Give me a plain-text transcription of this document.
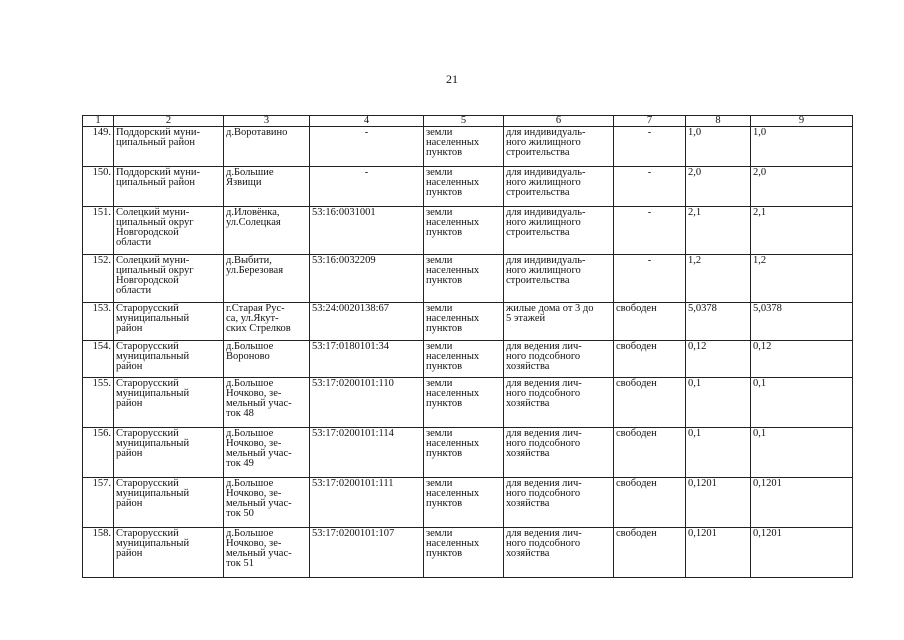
21
1	2	3	4	5	6	7	8	9

149.	Поддорский муни-
ципальный район	д.Воротавино	-	земли
населенных
пунктов	для индивидуаль-
ного жилищного
строительства	-	1,0	1,0

150.	Поддорский муни-
ципальный район	д.Большие
Язвищи	-	земли
населенных
пунктов	для индивидуаль-
ного жилищного
строительства	-	2,0	2,0

151.	Солецкий муни-
ципальный округ
Новгородской
области	д.Иловёнка,
ул.Солецкая	53:16:0031001	земли
населенных
пунктов	для индивидуаль-
ного жилищного
строительства	-	2,1	2,1

152.	Солецкий муни-
ципальный округ
Новгородской
области	д.Выбити,
ул.Березовая	53:16:0032209	земли
населенных
пунктов	для индивидуаль-
ного жилищного
строительства	-	1,2	1,2

153.	Старорусский
муниципальный
район	г.Старая Рус-
са, ул.Якут-
ских Стрелков	53:24:0020138:67	земли
населенных
пунктов	жилые дома от 3 до
5 этажей	свободен	5,0378	5,0378

154.	Старорусский
муниципальный
район	д.Большое
Вороново	53:17:0180101:34	земли
населенных
пунктов	для ведения лич-
ного подсобного
хозяйства	свободен	0,12	0,12

155.	Старорусский
муниципальный
район	д.Большое
Ночково, зе-
мельный учас-
ток 48	53:17:0200101:110	земли
населенных
пунктов	для ведения лич-
ного подсобного
хозяйства	свободен	0,1	0,1

156.	Старорусский
муниципальный
район	д.Большое
Ночково, зе-
мельный учас-
ток 49	53:17:0200101:114	земли
населенных
пунктов	для ведения лич-
ного подсобного
хозяйства	свободен	0,1	0,1

157.	Старорусский
муниципальный
район	д.Большое
Ночково, зе-
мельный учас-
ток 50	53:17:0200101:111	земли
населенных
пунктов	для ведения лич-
ного подсобного
хозяйства	свободен	0,1201	0,1201

158.	Старорусский
муниципальный
район	д.Большое
Ночково, зе-
мельный учас-
ток 51	53:17:0200101:107	земли
населенных
пунктов	для ведения лич-
ного подсобного
хозяйства	свободен	0,1201	0,1201
